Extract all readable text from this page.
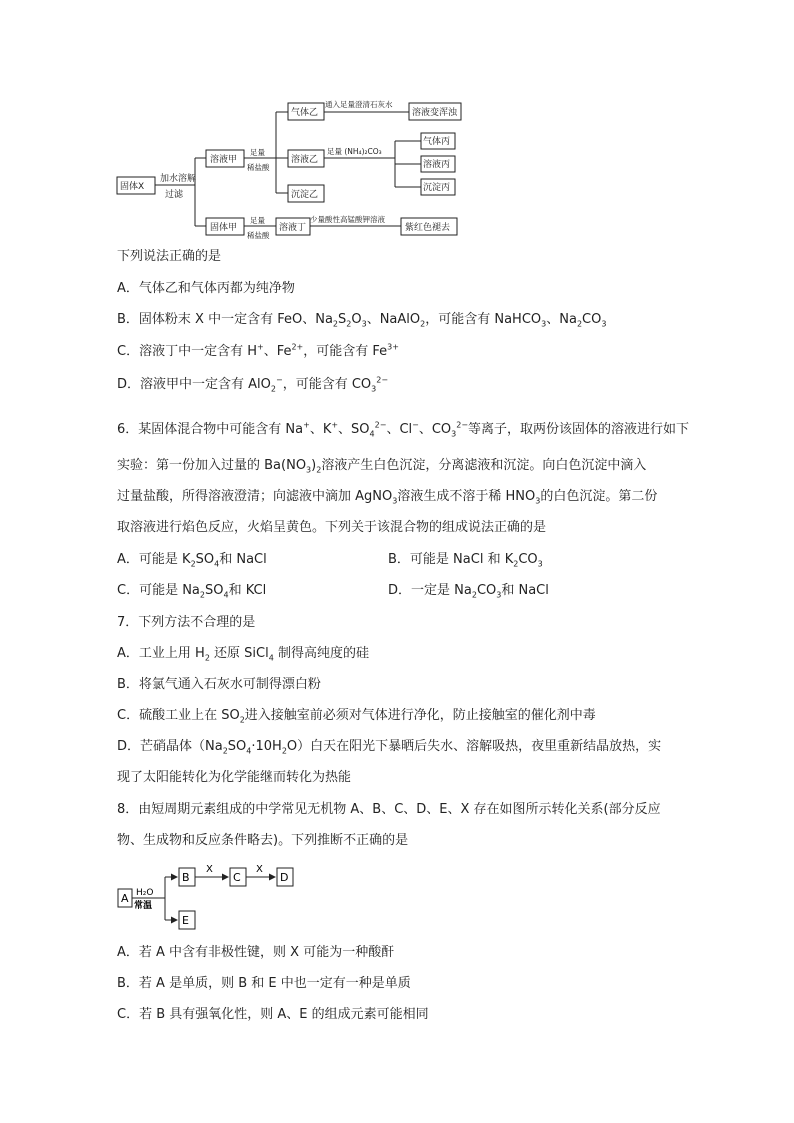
固体X
加水溶解
过滤
溶液甲
足量
稀盐酸
气体乙
通入足量澄清石灰水
溶液变浑浊
溶液乙
足量 (NH₄)₂CO₃
气体丙
溶液丙
沉淀丙
沉淀乙
固体甲
足量
稀盐酸
溶液丁
少量酸性高锰酸钾溶液
紫红色褪去
下列说法正确的是
A．气体乙和气体丙都为纯净物
B．固体粉末 X 中一定含有 FeO、$Na_2S_2O_3$、NaAlO$_2$，可能含有 NaHCO$_3$、$Na_2CO_3$
C．溶液丁中一定含有 H+、$Fe^{2+}$，可能含有 $Fe^{3+}$
D．溶液甲中一定含有 AlO$_2$−，可能含有 $CO_3^{2-}$
6．某固体混合物中可能含有 Na+、K+、$SO_4^{2-}$、Cl−、$CO_3^{2-}$等离子，取两份该固体的溶液进行如下
实验：第一份加入过量的 $Ba(NO_3)_2$溶液产生白色沉淀，分离滤液和沉淀。向白色沉淀中滴入
过量盐酸，所得溶液澄清；向滤液中滴加 AgNO$_3$溶液生成不溶于稀 $HNO_3$的白色沉淀。第二份
取溶液进行焰色反应，火焰呈黄色。下列关于该混合物的组成说法正确的是
A．可能是 $K_2SO_4$和 NaCl	B．可能是 NaCl 和 $K_2CO_3$
C．可能是 $Na_2SO_4$和 KCl	D．一定是 $Na_2CO_3$和 NaCl
7．下列方法不合理的是
A．工业上用 $H_2$ 还原 SiCl$_4$ 制得高纯度的硅
B．将氯气通入石灰水可制得漂白粉
C．硫酸工业上在 $SO_2$进入接触室前必须对气体进行净化，防止接触室的催化剂中毒
D．芒硝晶体$(Na_2SO_4\cdot 10H_2O)$白天在阳光下暴晒后失水、溶解吸热，夜里重新结晶放热，实
现了太阳能转化为化学能继而转化为热能
8．由短周期元素组成的中学常见无机物 A、B、C、D、E、X 存在如图所示转化关系(部分反应
物、生成物和反应条件略去)。下列推断不正确的是
A H₂O
常温
B
X
C
X
D
E
A．若 A 中含有非极性键，则 X 可能为一种酸酐
B．若 A 是单质，则 B 和 E 中也一定有一种是单质
C．若 B 具有强氧化性，则 A、E 的组成元素可能相同
